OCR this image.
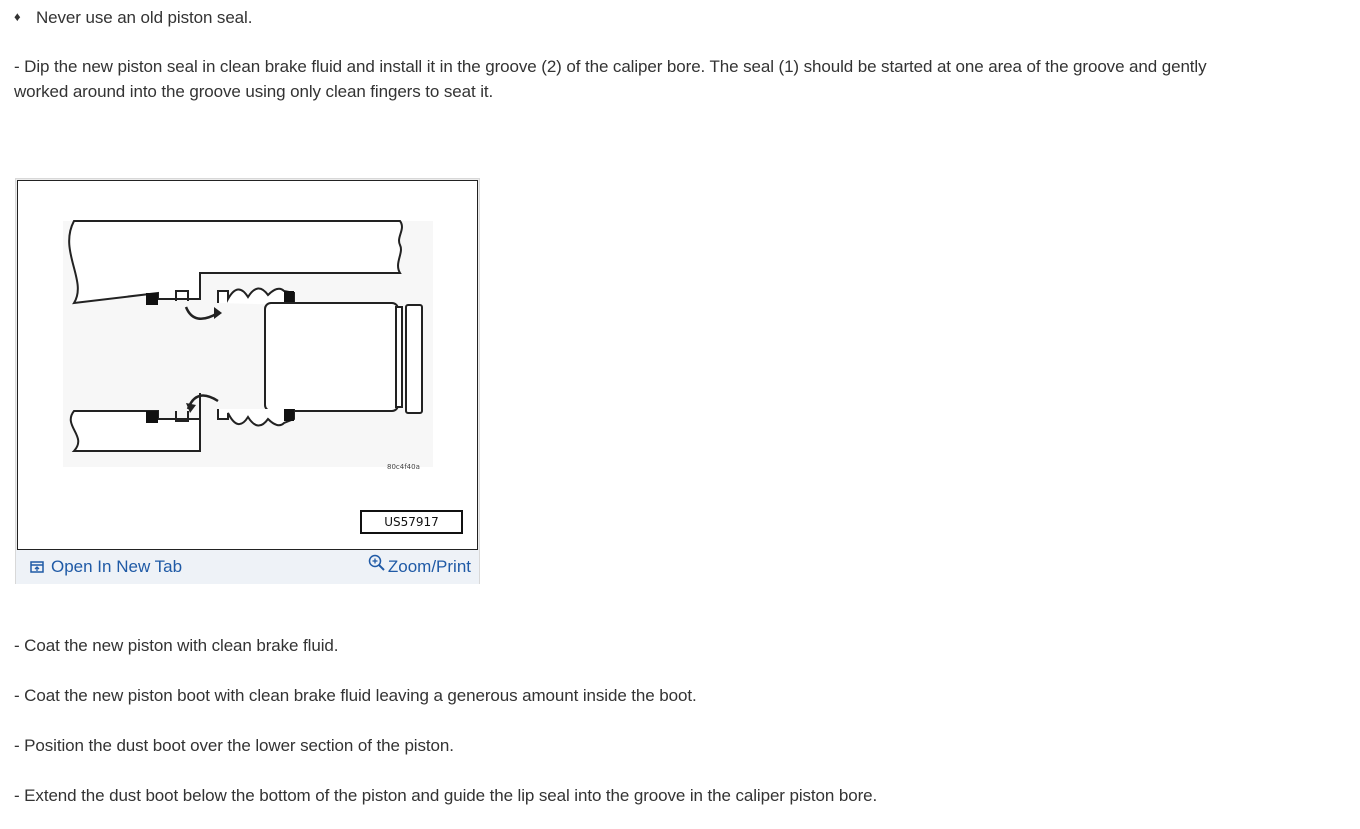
♦ Never use an old piston seal.

- Dip the new piston seal in clean brake fluid and install it in the groove (2) of the caliper bore. The seal (1) should be started at one area of the groove and gently worked around into the groove using only clean fingers to seat it.

80c4f40a
US57917
Open In New Tab	Zoom/Print

- Coat the new piston with clean brake fluid.

- Coat the new piston boot with clean brake fluid leaving a generous amount inside the boot.

- Position the dust boot over the lower section of the piston.

- Extend the dust boot below the bottom of the piston and guide the lip seal into the groove in the caliper piston bore.
